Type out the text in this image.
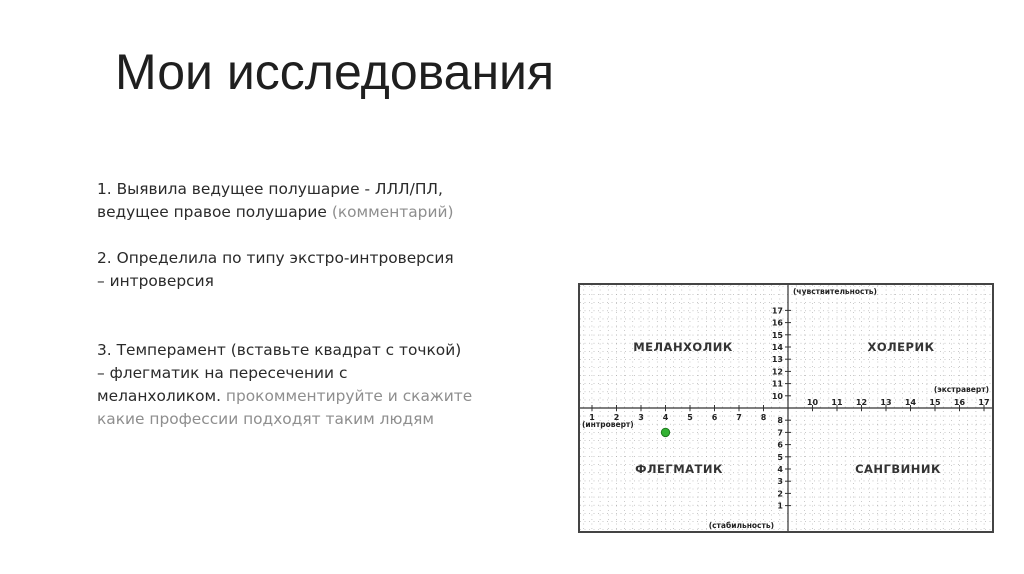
Мои исследования

1. Выявила ведущее полушарие - ЛЛЛ/ПЛ,
ведущее правое полушарие (комментарий)

2. Определила по типу экстро-интроверсия
– интроверсия

3. Темперамент (вставьте квадрат с точкой)
– флегматик на пересечении с
меланхоликом. прокомментируйте и скажите
какие профессии подходят таким людям

(чувствительность)
(экстраверт)
(интроверт)
(стабильность)
МЕЛАНХОЛИК	ХОЛЕРИК
ФЛЕГМАТИК	САНГВИНИК
10 11 12 13 14 15 16 17
1 2 3 4 5 6 7 8
10
11
12
13
14
15
16
17
1
2
3
4
5
6
7
8
